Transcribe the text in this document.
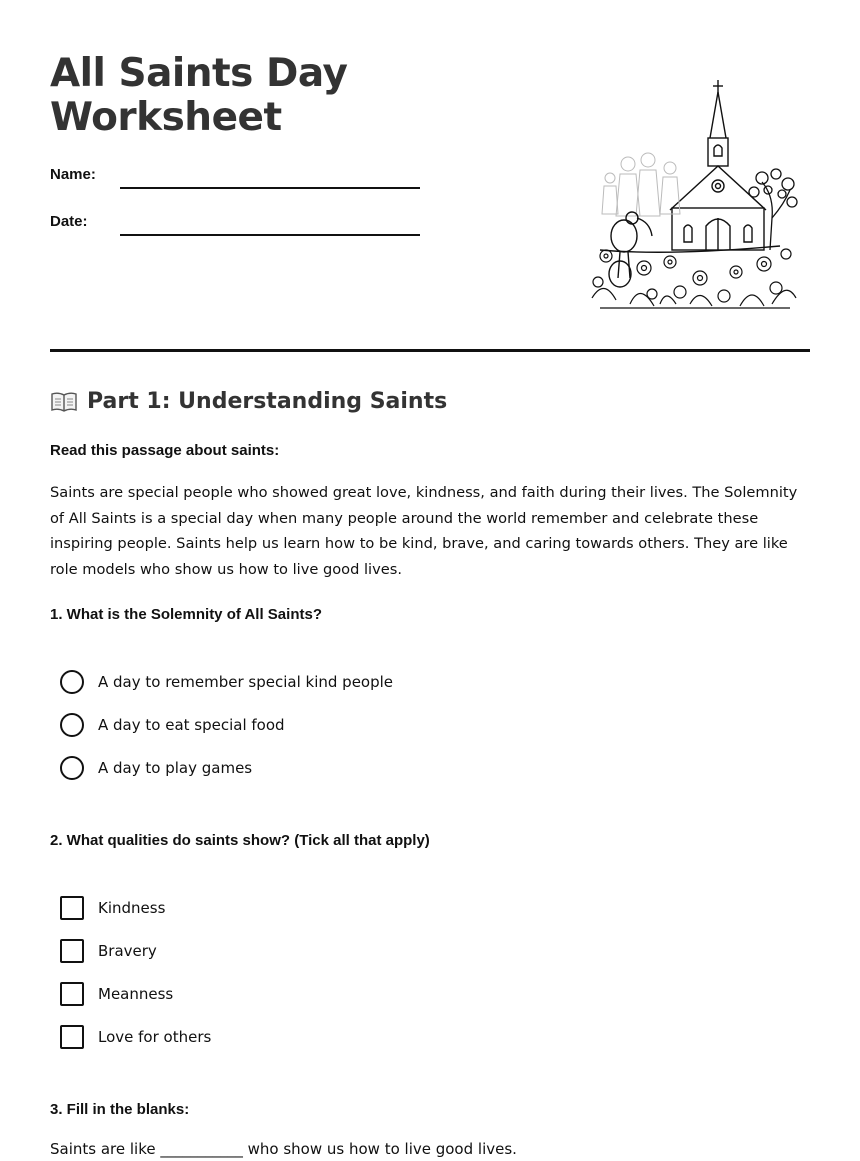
All Saints Day
Worksheet
Name:
Date:
Part 1: Understanding Saints

Read this passage about saints:

Saints are special people who showed great love, kindness, and faith during their lives. The Solemnity of All Saints is a special day when many people around the world remember and celebrate these inspiring people. Saints help us learn how to be kind, brave, and caring towards others. They are like role models who show us how to live good lives.

1. What is the Solemnity of All Saints?

A day to remember special kind people
A day to eat special food
A day to play games

2. What qualities do saints show? (Tick all that apply)

Kindness
Bravery
Meanness
Love for others

3. Fill in the blanks:

Saints are like ___________ who show us how to live good lives.
